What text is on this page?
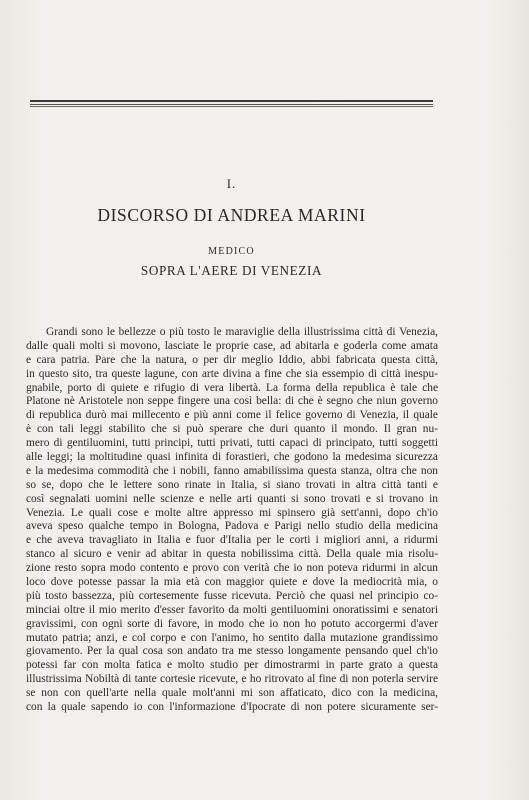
I.
DISCORSO DI ANDREA MARINI
MEDICO
SOPRA L'AERE DI VENEZIA
Grandi sono le bellezze o più tosto le maraviglie della illustrissima città di Venezia,
dalle quali molti si movono, lasciate le proprie case, ad abitarla e goderla come amata
e cara patria. Pare che la natura, o per dir meglio Iddio, abbi fabricata questa città,
in questo sito, tra queste lagune, con arte divina a fine che sia essempio di città inespu-
gnabile, porto di quiete e rifugio di vera libertà. La forma della republica è tale che
Platone nè Aristotele non seppe fingere una così bella: di che è segno che niun governo
di republica durò mai millecento e più anni come il felice governo di Venezia, il quale
è con tali leggi stabilito che si può sperare che duri quanto il mondo. Il gran nu-
mero di gentiluomini, tutti principi, tutti privati, tutti capaci di principato, tutti soggetti
alle leggi; la moltitudine quasi infinita di forastieri, che godono la medesima sicurezza
e la medesima commodità che i nobili, fanno amabilissima questa stanza, oltra che non
so se, dopo che le lettere sono rinate in Italia, si siano trovati in altra città tanti e
così segnalati uomini nelle scienze e nelle arti quanti si sono trovati e si trovano in
Venezia. Le quali cose e molte altre appresso mi spinsero già sett'anni, dopo ch'io
aveva speso qualche tempo in Bologna, Padova e Parigi nello studio della medicina
e che aveva travagliato in Italia e fuor d'Italia per le corti i migliori anni, a ridurmi
stanco al sicuro e venir ad abitar in questa nobilissima città. Della quale mia risolu-
zione resto sopra modo contento e provo con verità che io non poteva ridurmi in alcun
loco dove potesse passar la mia età con maggior quiete e dove la mediocrità mia, o
più tosto bassezza, più cortesemente fusse ricevuta. Perciò che quasi nel principio co-
minciai oltre il mio merito d'esser favorito da molti gentiluomini onoratissimi e senatori
gravissimi, con ogni sorte di favore, in modo che io non ho potuto accorgermi d'aver
mutato patria; anzi, e col corpo e con l'animo, ho sentito dalla mutazione grandissimo
giovamento. Per la qual cosa son andato tra me stesso longamente pensando quel ch'io
potessi far con molta fatica e molto studio per dimostrarmi in parte grato a questa
illustrissima Nobiltà di tante cortesie ricevute, e ho ritrovato al fine di non poterla servire
se non con quell'arte nella quale molt'anni mi son affaticato, dico con la medicina,
con la quale sapendo io con l'informazione d'Ipocrate di non potere sicuramente ser-
